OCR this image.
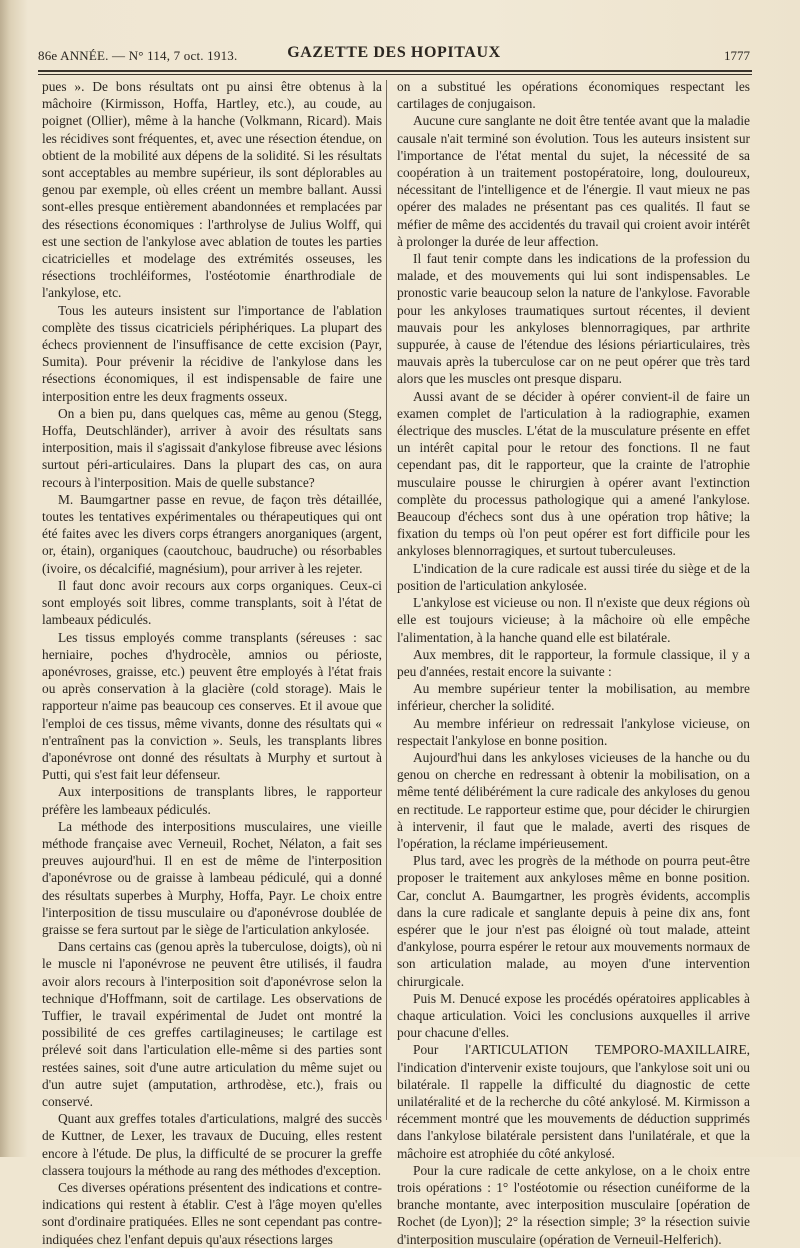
86e ANNÉE. — N° 114, 7 oct. 1913.	GAZETTE DES HOPITAUX	1777

pues ». De bons résultats ont pu ainsi être obtenus à la mâchoire (Kirmisson, Hoffa, Hartley, etc.), au coude, au poignet (Ollier), même à la hanche (Volkmann, Ricard). Mais les récidives sont fréquentes, et, avec une résection étendue, on obtient de la mobilité aux dépens de la solidité. Si les résultats sont acceptables au membre supérieur, ils sont déplorables au genou par exemple, où elles créent un membre ballant. Aussi sont-elles presque entièrement abandonnées et remplacées par des résections économiques : l'arthrolyse de Julius Wolff, qui est une section de l'ankylose avec ablation de toutes les parties cicatricielles et modelage des extrémités osseuses, les résections trochléiformes, l'ostéotomie énarthrodiale de l'ankylose, etc.

Tous les auteurs insistent sur l'importance de l'ablation complète des tissus cicatriciels périphériques. La plupart des échecs proviennent de l'insuffisance de cette excision (Payr, Sumita). Pour prévenir la récidive de l'ankylose dans les résections économiques, il est indispensable de faire une interposition entre les deux fragments osseux.

On a bien pu, dans quelques cas, même au genou (Stegg, Hoffa, Deutschländer), arriver à avoir des résultats sans interposition, mais il s'agissait d'ankylose fibreuse avec lésions surtout péri-articulaires. Dans la plupart des cas, on aura recours à l'interposition. Mais de quelle substance?

M. Baumgartner passe en revue, de façon très détaillée, toutes les tentatives expérimentales ou thérapeutiques qui ont été faites avec les divers corps étrangers anorganiques (argent, or, étain), organiques (caoutchouc, baudruche) ou résorbables (ivoire, os décalcifié, magnésium), pour arriver à les rejeter.

Il faut donc avoir recours aux corps organiques. Ceux-ci sont employés soit libres, comme transplants, soit à l'état de lambeaux pédiculés.

Les tissus employés comme transplants (séreuses : sac herniaire, poches d'hydrocèle, amnios ou périoste, aponévroses, graisse, etc.) peuvent être employés à l'état frais ou après conservation à la glacière (cold storage). Mais le rapporteur n'aime pas beaucoup ces conserves. Et il avoue que l'emploi de ces tissus, même vivants, donne des résultats qui « n'entraînent pas la conviction ». Seuls, les transplants libres d'aponévrose ont donné des résultats à Murphy et surtout à Putti, qui s'est fait leur défenseur.

Aux interpositions de transplants libres, le rapporteur préfère les lambeaux pédiculés.

La méthode des interpositions musculaires, une vieille méthode française avec Verneuil, Rochet, Nélaton, a fait ses preuves aujourd'hui. Il en est de même de l'interposition d'aponévrose ou de graisse à lambeau pédiculé, qui a donné des résultats superbes à Murphy, Hoffa, Payr. Le choix entre l'interposition de tissu musculaire ou d'aponévrose doublée de graisse se fera surtout par le siège de l'articulation ankylosée.

Dans certains cas (genou après la tuberculose, doigts), où ni le muscle ni l'aponévrose ne peuvent être utilisés, il faudra avoir alors recours à l'interposition soit d'aponévrose selon la technique d'Hoffmann, soit de cartilage. Les observations de Tuffier, le travail expérimental de Judet ont montré la possibilité de ces greffes cartilagineuses; le cartilage est prélevé soit dans l'articulation elle-même si des parties sont restées saines, soit d'une autre articulation du même sujet ou d'un autre sujet (amputation, arthrodèse, etc.), frais ou conservé.

Quant aux greffes totales d'articulations, malgré des succès de Kuttner, de Lexer, les travaux de Ducuing, elles restent encore à l'étude. De plus, la difficulté de se procurer la greffe classera toujours la méthode au rang des méthodes d'exception.

Ces diverses opérations présentent des indications et contre-indications qui restent à établir. C'est à l'âge moyen qu'elles sont d'ordinaire pratiquées. Elles ne sont cependant pas contre-indiquées chez l'enfant depuis qu'aux résections larges

on a substitué les opérations économiques respectant les cartilages de conjugaison.

Aucune cure sanglante ne doit être tentée avant que la maladie causale n'ait terminé son évolution. Tous les auteurs insistent sur l'importance de l'état mental du sujet, la nécessité de sa coopération à un traitement postopératoire, long, douloureux, nécessitant de l'intelligence et de l'énergie. Il vaut mieux ne pas opérer des malades ne présentant pas ces qualités. Il faut se méfier de même des accidentés du travail qui croient avoir intérêt à prolonger la durée de leur affection.

Il faut tenir compte dans les indications de la profession du malade, et des mouvements qui lui sont indispensables. Le pronostic varie beaucoup selon la nature de l'ankylose. Favorable pour les ankyloses traumatiques surtout récentes, il devient mauvais pour les ankyloses blennorragiques, par arthrite suppurée, à cause de l'étendue des lésions périarticulaires, très mauvais après la tuberculose car on ne peut opérer que très tard alors que les muscles ont presque disparu.

Aussi avant de se décider à opérer convient-il de faire un examen complet de l'articulation à la radiographie, examen électrique des muscles. L'état de la musculature présente en effet un intérêt capital pour le retour des fonctions. Il ne faut cependant pas, dit le rapporteur, que la crainte de l'atrophie musculaire pousse le chirurgien à opérer avant l'extinction complète du processus pathologique qui a amené l'ankylose. Beaucoup d'échecs sont dus à une opération trop hâtive; la fixation du temps où l'on peut opérer est fort difficile pour les ankyloses blennorragiques, et surtout tuberculeuses.

L'indication de la cure radicale est aussi tirée du siège et de la position de l'articulation ankylosée.

L'ankylose est vicieuse ou non. Il n'existe que deux régions où elle est toujours vicieuse; à la mâchoire où elle empêche l'alimentation, à la hanche quand elle est bilatérale.

Aux membres, dit le rapporteur, la formule classique, il y a peu d'années, restait encore la suivante :

Au membre supérieur tenter la mobilisation, au membre inférieur, chercher la solidité.

Au membre inférieur on redressait l'ankylose vicieuse, on respectait l'ankylose en bonne position.

Aujourd'hui dans les ankyloses vicieuses de la hanche ou du genou on cherche en redressant à obtenir la mobilisation, on a même tenté délibérément la cure radicale des ankyloses du genou en rectitude. Le rapporteur estime que, pour décider le chirurgien à intervenir, il faut que le malade, averti des risques de l'opération, la réclame impérieusement.

Plus tard, avec les progrès de la méthode on pourra peut-être proposer le traitement aux ankyloses même en bonne position. Car, conclut A. Baumgartner, les progrès évidents, accomplis dans la cure radicale et sanglante depuis à peine dix ans, font espérer que le jour n'est pas éloigné où tout malade, atteint d'ankylose, pourra espérer le retour aux mouvements normaux de son articulation malade, au moyen d'une intervention chirurgicale.

Puis M. Denucé expose les procédés opératoires applicables à chaque articulation. Voici les conclusions auxquelles il arrive pour chacune d'elles.

Pour l'ARTICULATION TEMPORO-MAXILLAIRE, l'indication d'intervenir existe toujours, que l'ankylose soit uni ou bilatérale. Il rappelle la difficulté du diagnostic de cette unilatéralité et de la recherche du côté ankylosé. M. Kirmisson a récemment montré que les mouvements de déduction supprimés dans l'ankylose bilatérale persistent dans l'unilatérale, et que la mâchoire est atrophiée du côté ankylosé.

Pour la cure radicale de cette ankylose, on a le choix entre trois opérations : 1° l'ostéotomie ou résection cunéiforme de la branche montante, avec interposition musculaire [opération de Rochet (de Lyon)]; 2° la résection simple; 3° la résection suivie d'interposition musculaire (opération de Verneuil-Helferich).
